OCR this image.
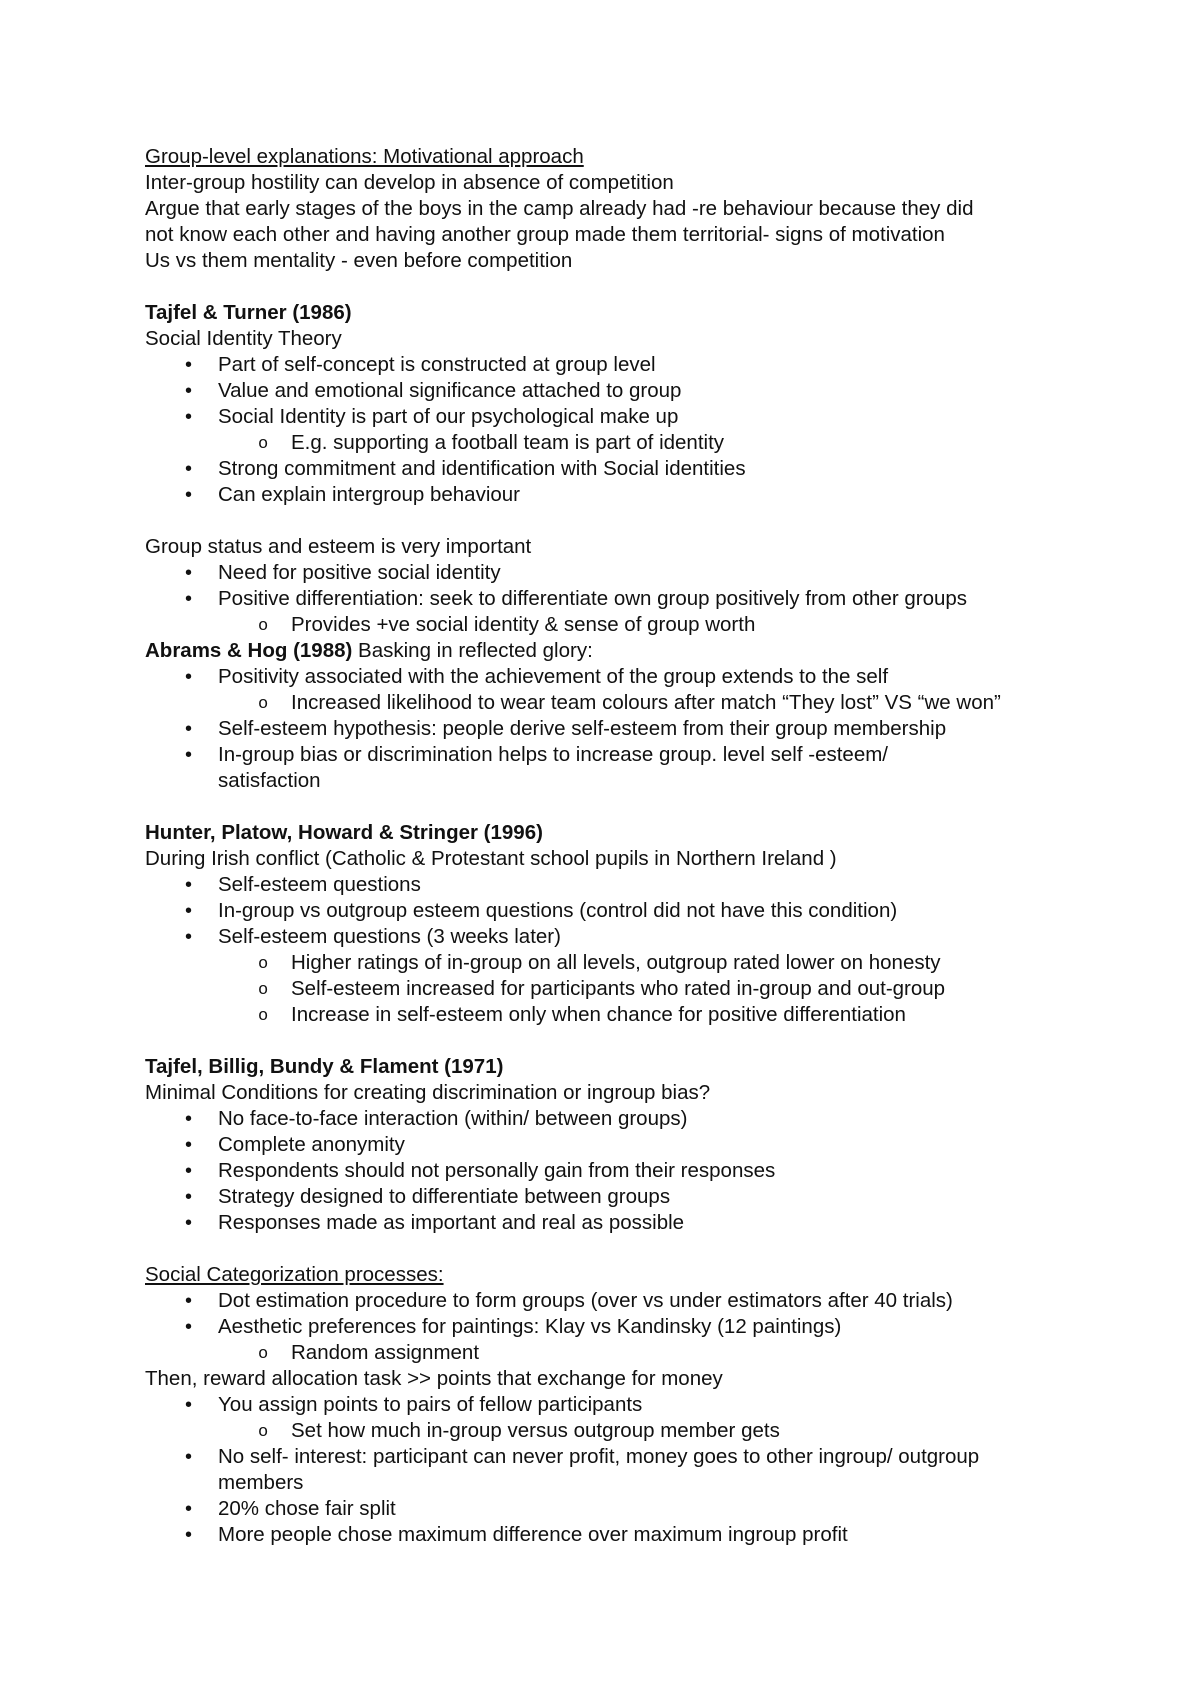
Group-level explanations: Motivational approach

Inter-group hostility can develop in absence of competition

Argue that early stages of the boys in the camp already had -re behaviour because they did

not know each other and having another group made them territorial- signs of motivation

Us vs them mentality - even before competition

Tajfel & Turner (1986)

Social Identity Theory

• Part of self-concept is constructed at group level
• Value and emotional significance attached to group
• Social Identity is part of our psychological make up
o E.g. supporting a football team is part of identity
• Strong commitment and identification with Social identities
• Can explain intergroup behaviour

Group status and esteem is very important

• Need for positive social identity
• Positive differentiation: seek to differentiate own group positively from other groups
o Provides +ve social identity & sense of group worth

Abrams & Hog (1988) Basking in reflected glory:

• Positivity associated with the achievement of the group extends to the self
o Increased likelihood to wear team colours after match “They lost” VS “we won”
• Self-esteem hypothesis: people derive self-esteem from their group membership
• In-group bias or discrimination helps to increase group. level self -esteem/ satisfaction

Hunter, Platow, Howard & Stringer (1996)

During Irish conflict (Catholic & Protestant school pupils in Northern Ireland )

• Self-esteem questions
• In-group vs outgroup esteem questions (control did not have this condition)
• Self-esteem questions (3 weeks later)
o Higher ratings of in-group on all levels, outgroup rated lower on honesty
o Self-esteem increased for participants who rated in-group and out-group
o Increase in self-esteem only when chance for positive differentiation

Tajfel, Billig, Bundy & Flament (1971)

Minimal Conditions for creating discrimination or ingroup bias?

• No face-to-face interaction (within/ between groups)
• Complete anonymity
• Respondents should not personally gain from their responses
• Strategy designed to differentiate between groups
• Responses made as important and real as possible

Social Categorization processes:

• Dot estimation procedure to form groups (over vs under estimators after 40 trials)
• Aesthetic preferences for paintings: Klay vs Kandinsky (12 paintings)
o Random assignment

Then, reward allocation task >> points that exchange for money

• You assign points to pairs of fellow participants
o Set how much in-group versus outgroup member gets
• No self- interest: participant can never profit, money goes to other ingroup/ outgroup members
• 20% chose fair split
• More people chose maximum difference over maximum ingroup profit
